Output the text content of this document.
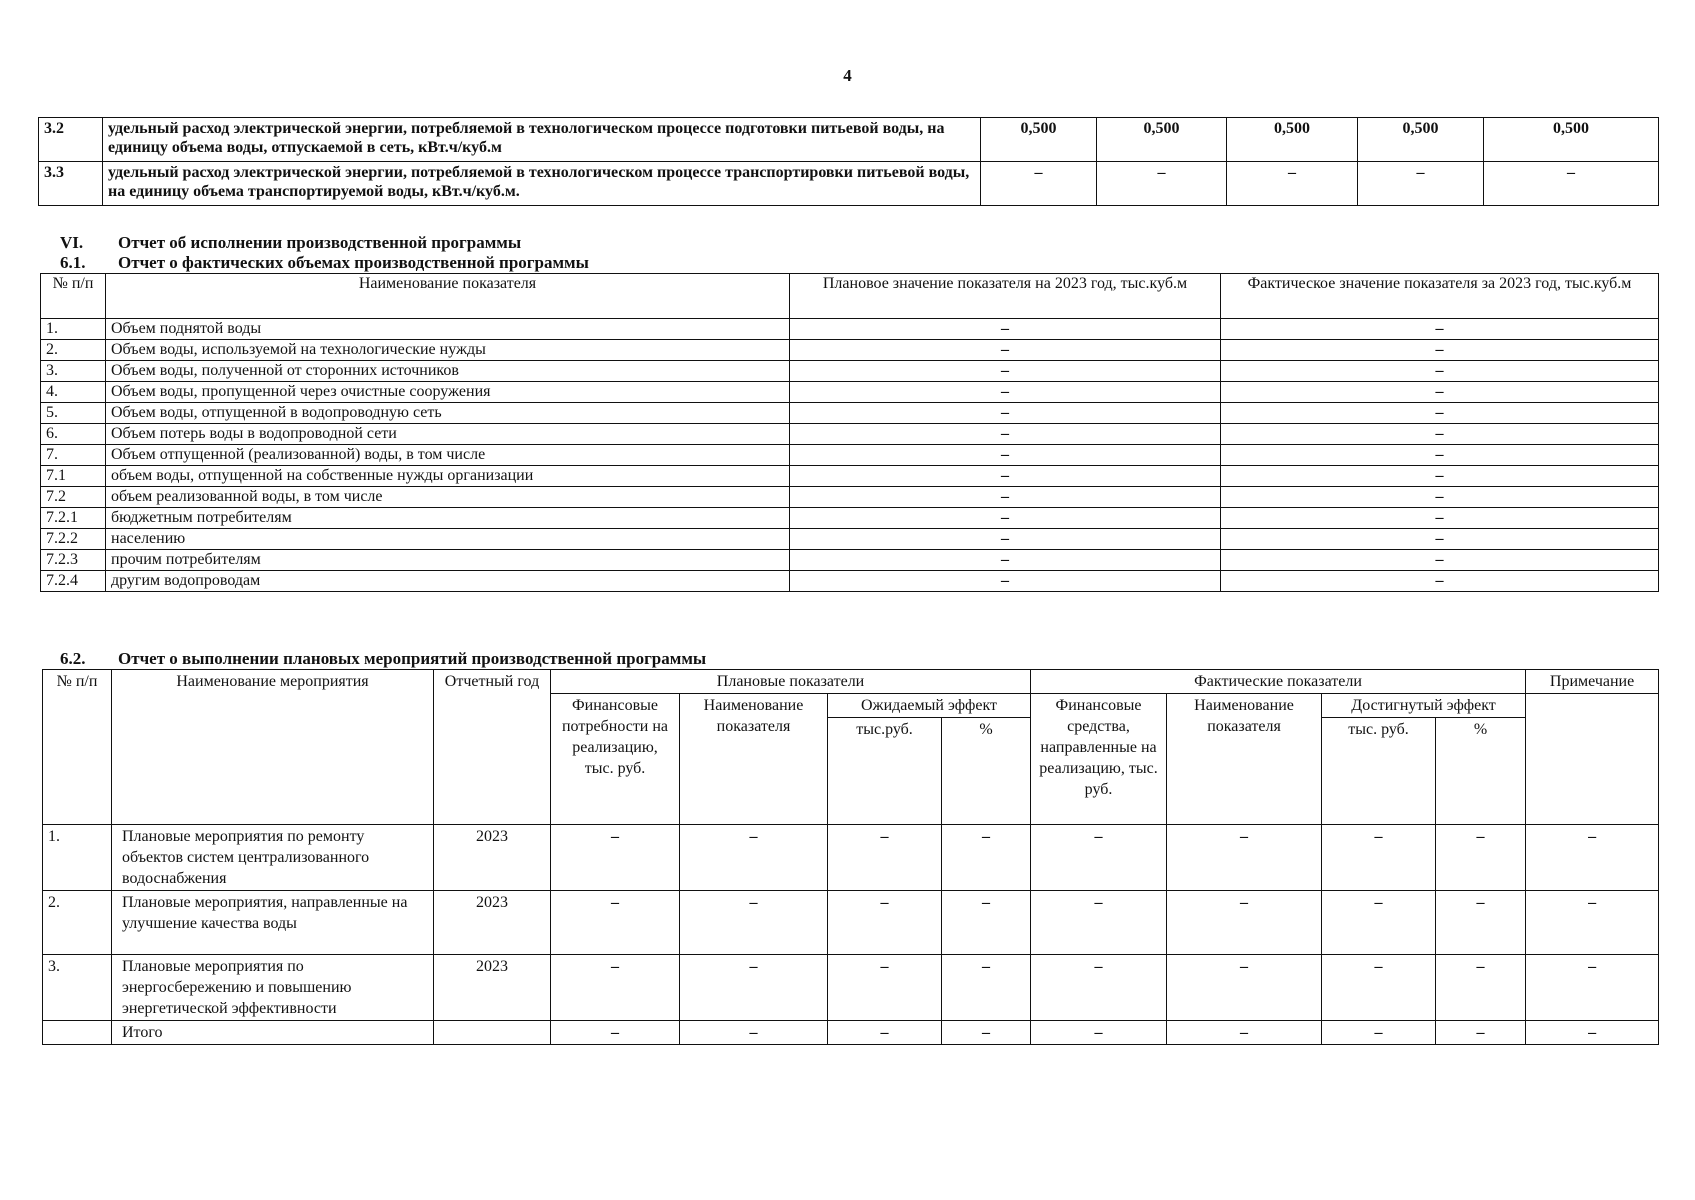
4
3.2	удельный расход электрической энергии, потребляемой в технологическом процессе подготовки питьевой воды, на единицу объема воды, отпускаемой в сеть, кВт.ч/куб.м	0,500	0,500	0,500	0,500	0,500
3.3	удельный расход электрической энергии, потребляемой в технологическом процессе транспортировки питьевой воды, на единицу объема транспортируемой воды, кВт.ч/куб.м.	–	–	–	–	–
VI. Отчет об исполнении производственной программы
6.1. Отчет о фактических объемах производственной программы
№ п/п	Наименование показателя	Плановое значение показателя на 2023 год, тыс.куб.м	Фактическое значение показателя за 2023 год, тыс.куб.м
1.	Объем поднятой воды	–	–
2.	Объем воды, используемой на технологические нужды	–	–
3.	Объем воды, полученной от сторонних источников	–	–
4.	Объем воды, пропущенной через очистные сооружения	–	–
5.	Объем воды, отпущенной в водопроводную сеть	–	–
6.	Объем потерь воды в водопроводной сети	–	–
7.	Объем отпущенной (реализованной) воды, в том числе	–	–
7.1	объем воды, отпущенной на собственные нужды организации	–	–
7.2	объем реализованной воды, в том числе	–	–
7.2.1	бюджетным потребителям	–	–
7.2.2	населению	–	–
7.2.3	прочим потребителям	–	–
7.2.4	другим водопроводам	–	–
6.2. Отчет о выполнении плановых мероприятий производственной программы
№ п/п	Наименование мероприятия	Отчетный год	Плановые показатели				Фактические показатели				Примечание
			Финансовые потребности на реализацию, тыс. руб.	Наименование показателя	Ожидаемый эффект		Финансовые средства, направленные на реализацию, тыс. руб.	Наименование показателя	Достигнутый эффект		
					тыс.руб.	%			тыс. руб.	%	
1.	Плановые мероприятия по ремонту объектов систем централизованного водоснабжения	2023	–	–	–	–	–	–	–	–	–
2.	Плановые мероприятия, направленные на улучшение качества воды	2023	–	–	–	–	–	–	–	–	–
3.	Плановые мероприятия по энергосбережению и повышению энергетической эффективности	2023	–	–	–	–	–	–	–	–	–
	Итого		–	–	–	–	–	–	–	–	–
